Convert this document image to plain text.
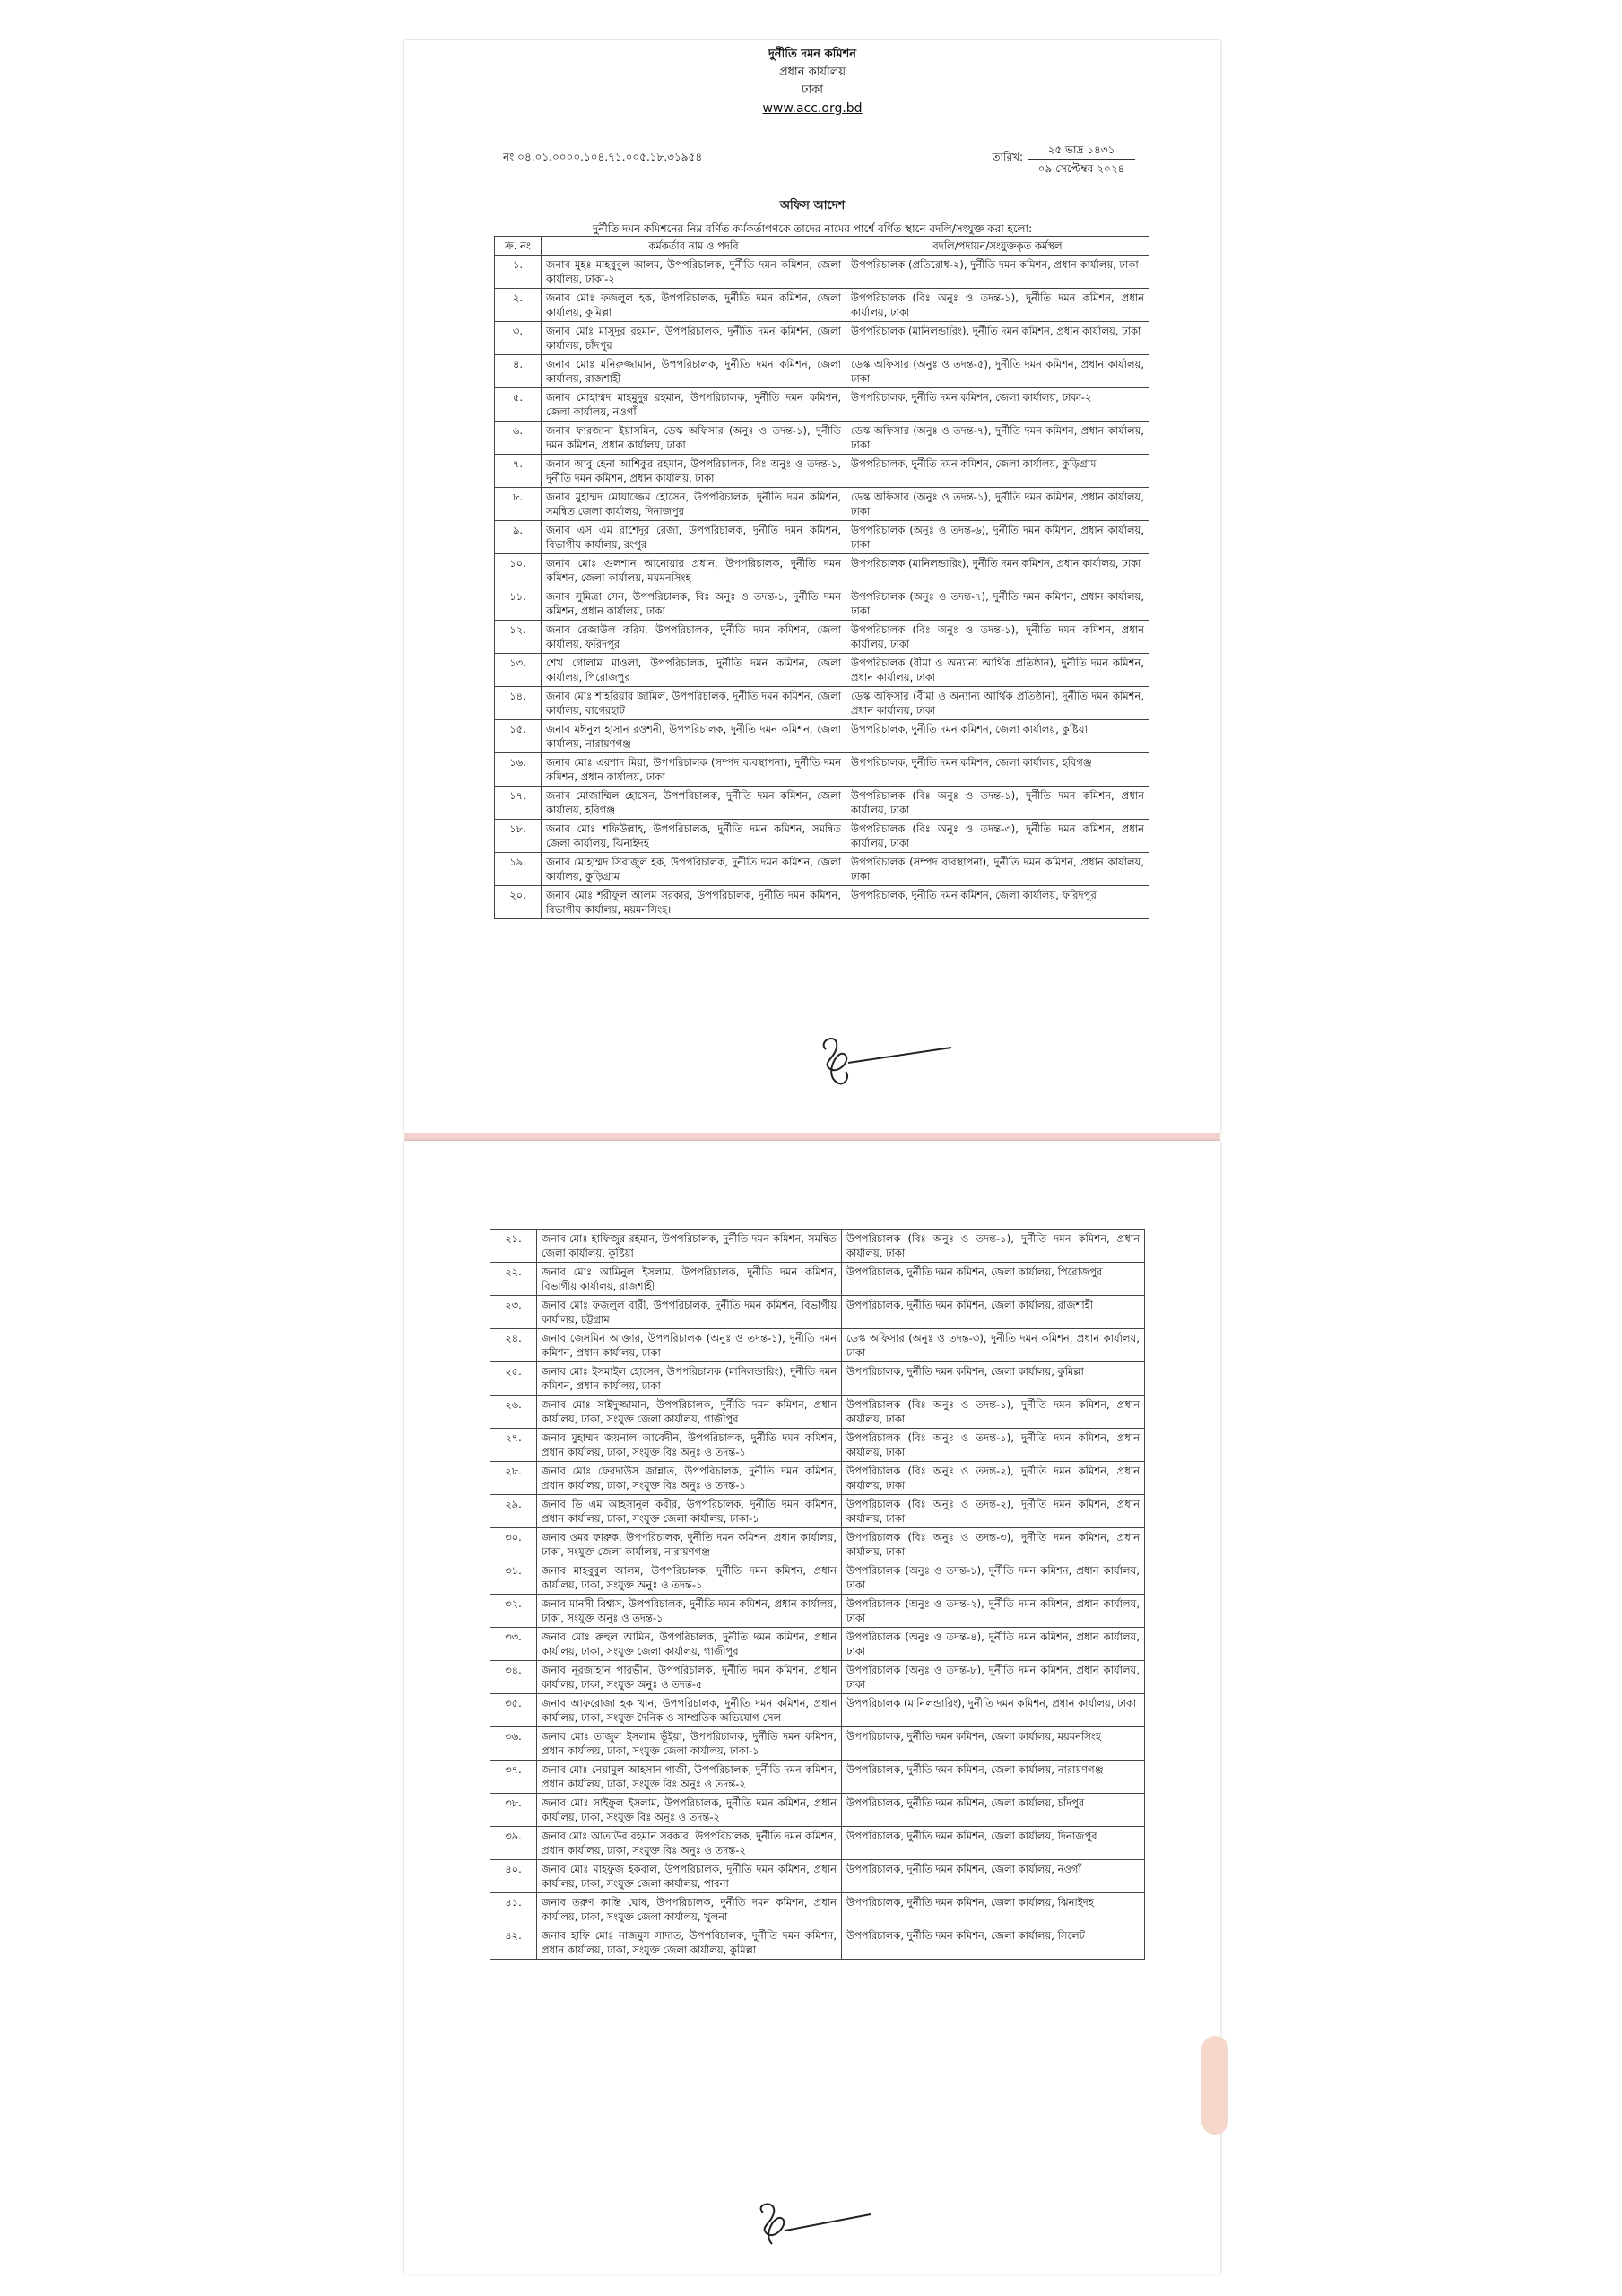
দুর্নীতি দমন কমিশন
প্রধান কার্যালয়
ঢাকা
www.acc.org.bd
নং ০৪.০১.০০০০.১০৪.৭১.০০৫.১৮.৩১৯৫৪	তারিখ:
২৫ ভাদ্র ১৪৩১
০৯ সেপ্টেম্বর ২০২৪
অফিস আদেশ
দুর্নীতি দমন কমিশনের নিম্ন বর্ণিত কর্মকর্তাগণকে তাদের নামের পার্শ্বে বর্ণিত স্থানে বদলি/সংযুক্ত করা হলো:
ক্র. নং	কর্মকর্তার নাম ও পদবি	বদলি/পদায়ন/সংযুক্তকৃত কর্মস্থল
১.	জনাব মুহঃ মাহবুবুল আলম, উপপরিচালক, দুর্নীতি দমন কমিশন, জেলা কার্যালয়, ঢাকা-২	উপপরিচালক (প্রতিরোধ-২), দুর্নীতি দমন কমিশন, প্রধান কার্যালয়, ঢাকা
২.	জনাব মোঃ ফজলুল হক, উপপরিচালক, দুর্নীতি দমন কমিশন, জেলা কার্যালয়, কুমিল্লা	উপপরিচালক (বিঃ অনুঃ ও তদন্ত-১), দুর্নীতি দমন কমিশন, প্রধান কার্যালয়, ঢাকা
৩.	জনাব মোঃ মাসুদুর রহমান, উপপরিচালক, দুর্নীতি দমন কমিশন, জেলা কার্যালয়, চাঁদপুর	উপপরিচালক (মানিলন্ডারিং), দুর্নীতি দমন কমিশন, প্রধান কার্যালয়, ঢাকা
৪.	জনাব মোঃ মনিরুজ্জামান, উপপরিচালক, দুর্নীতি দমন কমিশন, জেলা কার্যালয়, রাজশাহী	ডেস্ক অফিসার (অনুঃ ও তদন্ত-৫), দুর্নীতি দমন কমিশন, প্রধান কার্যালয়, ঢাকা
৫.	জনাব মোহাম্মদ মাহমুদুর রহমান, উপপরিচালক, দুর্নীতি দমন কমিশন, জেলা কার্যালয়, নওগাঁ	উপপরিচালক, দুর্নীতি দমন কমিশন, জেলা কার্যালয়, ঢাকা-২
৬.	জনাব ফারজানা ইয়াসমিন, ডেস্ক অফিসার (অনুঃ ও তদন্ত-১), দুর্নীতি দমন কমিশন, প্রধান কার্যালয়, ঢাকা	ডেস্ক অফিসার (অনুঃ ও তদন্ত-৭), দুর্নীতি দমন কমিশন, প্রধান কার্যালয়, ঢাকা
৭.	জনাব আবু হেনা আশিকুর রহমান, উপপরিচালক, বিঃ অনুঃ ও তদন্ত-১, দুর্নীতি দমন কমিশন, প্রধান কার্যালয়, ঢাকা	উপপরিচালক, দুর্নীতি দমন কমিশন, জেলা কার্যালয়, কুড়িগ্রাম
৮.	জনাব মুহাম্মদ মোয়াজ্জেম হোসেন, উপপরিচালক, দুর্নীতি দমন কমিশন, সমন্বিত জেলা কার্যালয়, দিনাজপুর	ডেস্ক অফিসার (অনুঃ ও তদন্ত-১), দুর্নীতি দমন কমিশন, প্রধান কার্যালয়, ঢাকা
৯.	জনাব এস এম রাশেদুর রেজা, উপপরিচালক, দুর্নীতি দমন কমিশন, বিভাগীয় কার্যালয়, রংপুর	উপপরিচালক (অনুঃ ও তদন্ত-৬), দুর্নীতি দমন কমিশন, প্রধান কার্যালয়, ঢাকা
১০.	জনাব মোঃ গুলশান আনোয়ার প্রধান, উপপরিচালক, দুর্নীতি দমন কমিশন, জেলা কার্যালয়, ময়মনসিংহ	উপপরিচালক (মানিলন্ডারিং), দুর্নীতি দমন কমিশন, প্রধান কার্যালয়, ঢাকা
১১.	জনাব সুমিত্রা সেন, উপপরিচালক, বিঃ অনুঃ ও তদন্ত-১, দুর্নীতি দমন কমিশন, প্রধান কার্যালয়, ঢাকা	উপপরিচালক (অনুঃ ও তদন্ত-৭), দুর্নীতি দমন কমিশন, প্রধান কার্যালয়, ঢাকা
১২.	জনাব রেজাউল করিম, উপপরিচালক, দুর্নীতি দমন কমিশন, জেলা কার্যালয়, ফরিদপুর	উপপরিচালক (বিঃ অনুঃ ও তদন্ত-১), দুর্নীতি দমন কমিশন, প্রধান কার্যালয়, ঢাকা
১৩.	শেখ গোলাম মাওলা, উপপরিচালক, দুর্নীতি দমন কমিশন, জেলা কার্যালয়, পিরোজপুর	উপপরিচালক (বীমা ও অন্যান্য আর্থিক প্রতিষ্ঠান), দুর্নীতি দমন কমিশন, প্রধান কার্যালয়, ঢাকা
১৪.	জনাব মোঃ শাহরিয়ার জামিল, উপপরিচালক, দুর্নীতি দমন কমিশন, জেলা কার্যালয়, বাগেরহাট	ডেস্ক অফিসার (বীমা ও অন্যান্য আর্থিক প্রতিষ্ঠান), দুর্নীতি দমন কমিশন, প্রধান কার্যালয়, ঢাকা
১৫.	জনাব মঈনুল হাসান রওশনী, উপপরিচালক, দুর্নীতি দমন কমিশন, জেলা কার্যালয়, নারায়ণগঞ্জ	উপপরিচালক, দুর্নীতি দমন কমিশন, জেলা কার্যালয়, কুষ্টিয়া
১৬.	জনাব মোঃ এরশাদ মিয়া, উপপরিচালক (সম্পদ ব্যবস্থাপনা), দুর্নীতি দমন কমিশন, প্রধান কার্যালয়, ঢাকা	উপপরিচালক, দুর্নীতি দমন কমিশন, জেলা কার্যালয়, হবিগঞ্জ
১৭.	জনাব মোজাম্মিল হোসেন, উপপরিচালক, দুর্নীতি দমন কমিশন, জেলা কার্যালয়, হবিগঞ্জ	উপপরিচালক (বিঃ অনুঃ ও তদন্ত-১), দুর্নীতি দমন কমিশন, প্রধান কার্যালয়, ঢাকা
১৮.	জনাব মোঃ শফিউল্লাহ, উপপরিচালক, দুর্নীতি দমন কমিশন, সমন্বিত জেলা কার্যালয়, ঝিনাইদহ	উপপরিচালক (বিঃ অনুঃ ও তদন্ত-৩), দুর্নীতি দমন কমিশন, প্রধান কার্যালয়, ঢাকা
১৯.	জনাব মোহাম্মদ সিরাজুল হক, উপপরিচালক, দুর্নীতি দমন কমিশন, জেলা কার্যালয়, কুড়িগ্রাম	উপপরিচালক (সম্পদ ব্যবস্থাপনা), দুর্নীতি দমন কমিশন, প্রধান কার্যালয়, ঢাকা
২০.	জনাব মোঃ শরীফুল আলম সরকার, উপপরিচালক, দুর্নীতি দমন কমিশন, বিভাগীয় কার্যালয়, ময়মনসিংহ।	উপপরিচালক, দুর্নীতি দমন কমিশন, জেলা কার্যালয়, ফরিদপুর
২১.	জনাব মোঃ হাফিজুর রহমান, উপপরিচালক, দুর্নীতি দমন কমিশন, সমন্বিত জেলা কার্যালয়, কুষ্টিয়া	উপপরিচালক (বিঃ অনুঃ ও তদন্ত-১), দুর্নীতি দমন কমিশন, প্রধান কার্যালয়, ঢাকা
২২.	জনাব মোঃ আমিনুল ইসলাম, উপপরিচালক, দুর্নীতি দমন কমিশন, বিভাগীয় কার্যালয়, রাজশাহী	উপপরিচালক, দুর্নীতি দমন কমিশন, জেলা কার্যালয়, পিরোজপুর
২৩.	জনাব মোঃ ফজলুল বারী, উপপরিচালক, দুর্নীতি দমন কমিশন, বিভাগীয় কার্যালয়, চট্টগ্রাম	উপপরিচালক, দুর্নীতি দমন কমিশন, জেলা কার্যালয়, রাজশাহী
২৪.	জনাব জেসমিন আক্তার, উপপরিচালক (অনুঃ ও তদন্ত-১), দুর্নীতি দমন কমিশন, প্রধান কার্যালয়, ঢাকা	ডেস্ক অফিসার (অনুঃ ও তদন্ত-৩), দুর্নীতি দমন কমিশন, প্রধান কার্যালয়, ঢাকা
২৫.	জনাব মোঃ ইসমাইল হোসেন, উপপরিচালক (মানিলন্ডারিং), দুর্নীতি দমন কমিশন, প্রধান কার্যালয়, ঢাকা	উপপরিচালক, দুর্নীতি দমন কমিশন, জেলা কার্যালয়, কুমিল্লা
২৬.	জনাব মোঃ সাইদুজ্জামান, উপপরিচালক, দুর্নীতি দমন কমিশন, প্রধান কার্যালয়, ঢাকা, সংযুক্ত জেলা কার্যালয়, গাজীপুর	উপপরিচালক (বিঃ অনুঃ ও তদন্ত-১), দুর্নীতি দমন কমিশন, প্রধান কার্যালয়, ঢাকা
২৭.	জনাব মুহাম্মদ জয়নাল আবেদীন, উপপরিচালক, দুর্নীতি দমন কমিশন, প্রধান কার্যালয়, ঢাকা, সংযুক্ত বিঃ অনুঃ ও তদন্ত-১	উপপরিচালক (বিঃ অনুঃ ও তদন্ত-১), দুর্নীতি দমন কমিশন, প্রধান কার্যালয়, ঢাকা
২৮.	জনাব মোঃ ফেরদাউস জান্নাত, উপপরিচালক, দুর্নীতি দমন কমিশন, প্রধান কার্যালয়, ঢাকা, সংযুক্ত বিঃ অনুঃ ও তদন্ত-১	উপপরিচালক (বিঃ অনুঃ ও তদন্ত-২), দুর্নীতি দমন কমিশন, প্রধান কার্যালয়, ঢাকা
২৯.	জনাব ডি এম আহসানুল কবীর, উপপরিচালক, দুর্নীতি দমন কমিশন, প্রধান কার্যালয়, ঢাকা, সংযুক্ত জেলা কার্যালয়, ঢাকা-১	উপপরিচালক (বিঃ অনুঃ ও তদন্ত-২), দুর্নীতি দমন কমিশন, প্রধান কার্যালয়, ঢাকা
৩০.	জনাব ওমর ফারুক, উপপরিচালক, দুর্নীতি দমন কমিশন, প্রধান কার্যালয়, ঢাকা, সংযুক্ত জেলা কার্যালয়, নারায়ণগঞ্জ	উপপরিচালক (বিঃ অনুঃ ও তদন্ত-৩), দুর্নীতি দমন কমিশন, প্রধান কার্যালয়, ঢাকা
৩১.	জনাব মাহবুবুল আলম, উপপরিচালক, দুর্নীতি দমন কমিশন, প্রধান কার্যালয়, ঢাকা, সংযুক্ত অনুঃ ও তদন্ত-১	উপপরিচালক (অনুঃ ও তদন্ত-১), দুর্নীতি দমন কমিশন, প্রধান কার্যালয়, ঢাকা
৩২.	জনাব মানসী বিশ্বাস, উপপরিচালক, দুর্নীতি দমন কমিশন, প্রধান কার্যালয়, ঢাকা, সংযুক্ত অনুঃ ও তদন্ত-১	উপপরিচালক (অনুঃ ও তদন্ত-২), দুর্নীতি দমন কমিশন, প্রধান কার্যালয়, ঢাকা
৩৩.	জনাব মোঃ রুহুল আমিন, উপপরিচালক, দুর্নীতি দমন কমিশন, প্রধান কার্যালয়, ঢাকা, সংযুক্ত জেলা কার্যালয়, গাজীপুর	উপপরিচালক (অনুঃ ও তদন্ত-৪), দুর্নীতি দমন কমিশন, প্রধান কার্যালয়, ঢাকা
৩৪.	জনাব নূরজাহান পারভীন, উপপরিচালক, দুর্নীতি দমন কমিশন, প্রধান কার্যালয়, ঢাকা, সংযুক্ত অনুঃ ও তদন্ত-৫	উপপরিচালক (অনুঃ ও তদন্ত-৮), দুর্নীতি দমন কমিশন, প্রধান কার্যালয়, ঢাকা
৩৫.	জনাব আফরোজা হক খান, উপপরিচালক, দুর্নীতি দমন কমিশন, প্রধান কার্যালয়, ঢাকা, সংযুক্ত দৈনিক ও সাম্প্রতিক অভিযোগ সেল	উপপরিচালক (মানিলন্ডারিং), দুর্নীতি দমন কমিশন, প্রধান কার্যালয়, ঢাকা
৩৬.	জনাব মোঃ তাজুল ইসলাম ভূঁইয়া, উপপরিচালক, দুর্নীতি দমন কমিশন, প্রধান কার্যালয়, ঢাকা, সংযুক্ত জেলা কার্যালয়, ঢাকা-১	উপপরিচালক, দুর্নীতি দমন কমিশন, জেলা কার্যালয়, ময়মনসিংহ
৩৭.	জনাব মোঃ নেয়ামুল আহসান গাজী, উপপরিচালক, দুর্নীতি দমন কমিশন, প্রধান কার্যালয়, ঢাকা, সংযুক্ত বিঃ অনুঃ ও তদন্ত-২	উপপরিচালক, দুর্নীতি দমন কমিশন, জেলা কার্যালয়, নারায়ণগঞ্জ
৩৮.	জনাব মোঃ সাইফুল ইসলাম, উপপরিচালক, দুর্নীতি দমন কমিশন, প্রধান কার্যালয়, ঢাকা, সংযুক্ত বিঃ অনুঃ ও তদন্ত-২	উপপরিচালক, দুর্নীতি দমন কমিশন, জেলা কার্যালয়, চাঁদপুর
৩৯.	জনাব মোঃ আতাউর রহমান সরকার, উপপরিচালক, দুর্নীতি দমন কমিশন, প্রধান কার্যালয়, ঢাকা, সংযুক্ত বিঃ অনুঃ ও তদন্ত-২	উপপরিচালক, দুর্নীতি দমন কমিশন, জেলা কার্যালয়, দিনাজপুর
৪০.	জনাব মোঃ মাহফুজ ইকবাল, উপপরিচালক, দুর্নীতি দমন কমিশন, প্রধান কার্যালয়, ঢাকা, সংযুক্ত জেলা কার্যালয়, পাবনা	উপপরিচালক, দুর্নীতি দমন কমিশন, জেলা কার্যালয়, নওগাঁ
৪১.	জনাব তরুণ কান্তি ঘোষ, উপপরিচালক, দুর্নীতি দমন কমিশন, প্রধান কার্যালয়, ঢাকা, সংযুক্ত জেলা কার্যালয়, খুলনা	উপপরিচালক, দুর্নীতি দমন কমিশন, জেলা কার্যালয়, ঝিনাইদহ
৪২.	জনাব হাফি মোঃ নাজমুস সাদাত, উপপরিচালক, দুর্নীতি দমন কমিশন, প্রধান কার্যালয়, ঢাকা, সংযুক্ত জেলা কার্যালয়, কুমিল্লা	উপপরিচালক, দুর্নীতি দমন কমিশন, জেলা কার্যালয়, সিলেট
